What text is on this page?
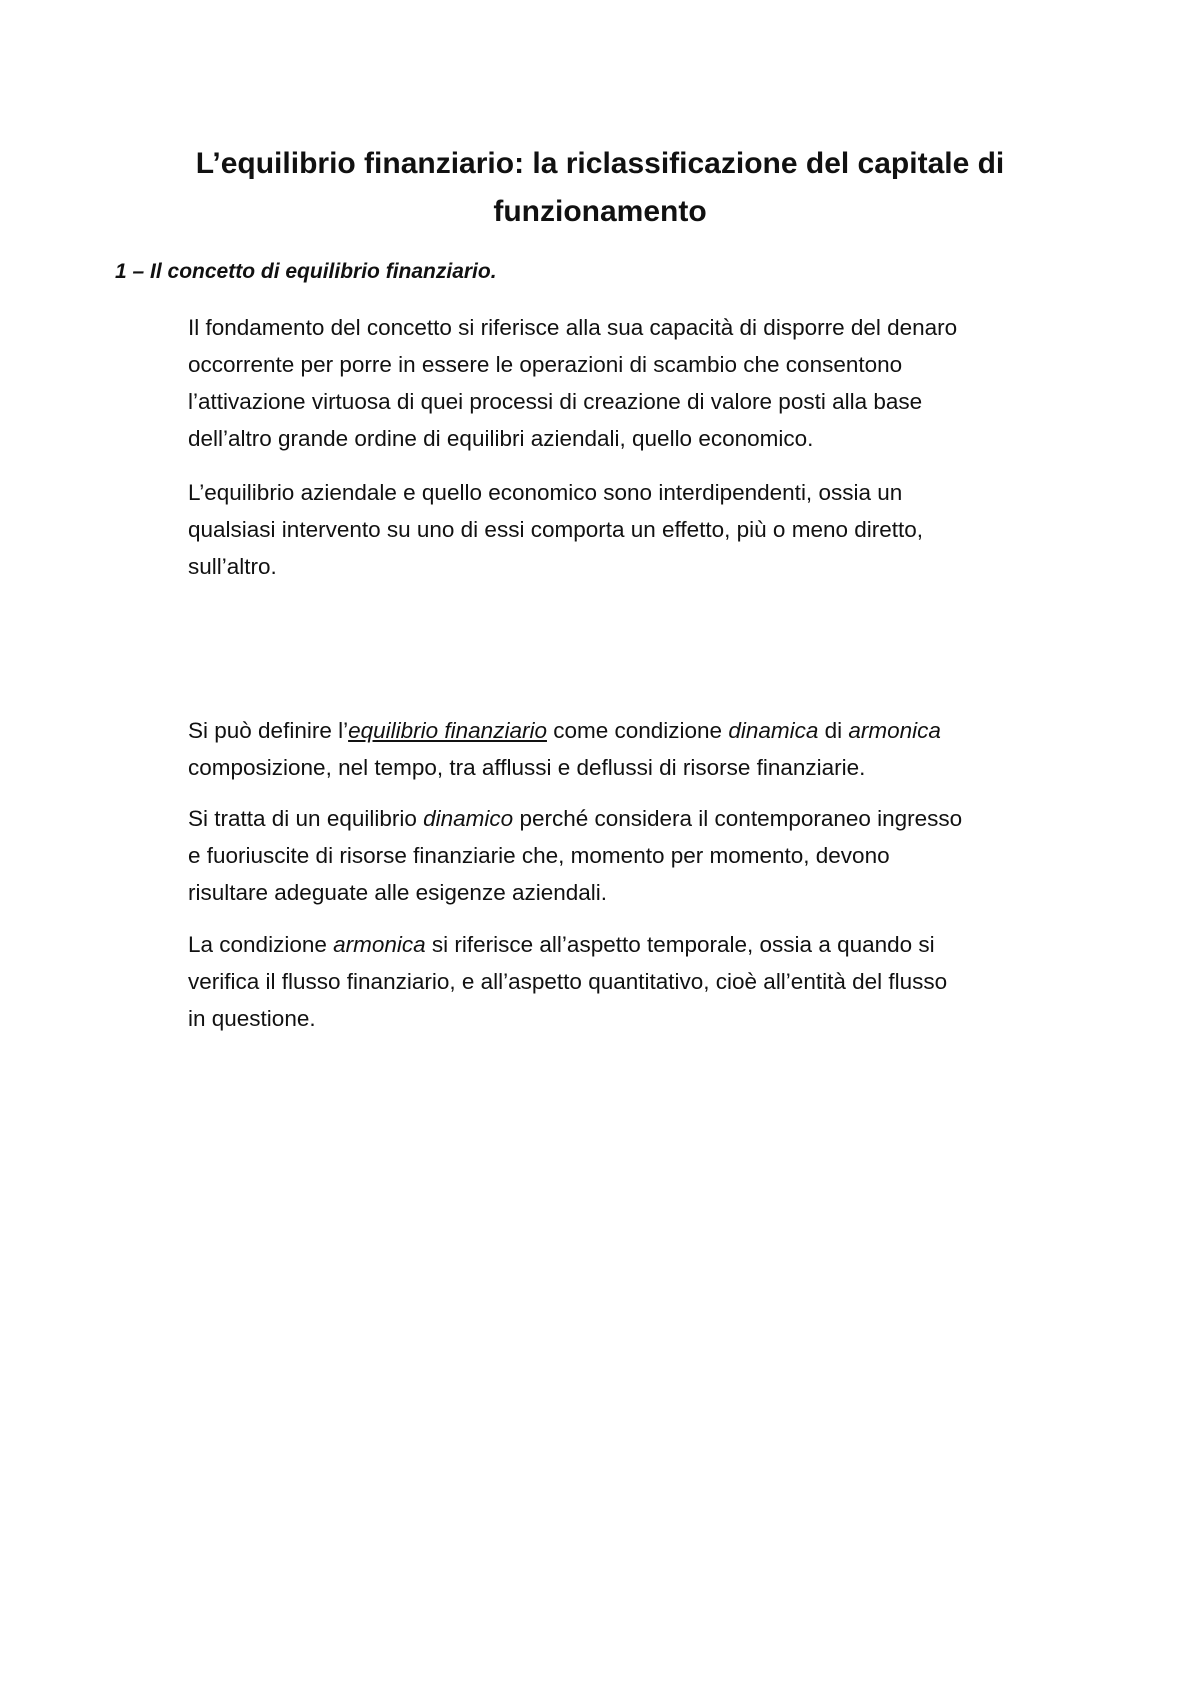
L’equilibrio finanziario: la riclassificazione del capitale di
funzionamento
1 – Il concetto di equilibrio finanziario.

Il fondamento del concetto si riferisce alla sua capacità di disporre del denaro
occorrente per porre in essere le operazioni di scambio che consentono
l’attivazione virtuosa di quei processi di creazione di valore posti alla base
dell’altro grande ordine di equilibri aziendali, quello economico.

L’equilibrio aziendale e quello economico sono interdipendenti, ossia un
qualsiasi intervento su uno di essi comporta un effetto, più o meno diretto,
sull’altro.

Si può definire l’equilibrio finanziario come condizione dinamica di armonica
composizione, nel tempo, tra afflussi e deflussi di risorse finanziarie.

Si tratta di un equilibrio dinamico perché considera il contemporaneo ingresso
e fuoriuscite di risorse finanziarie che, momento per momento, devono
risultare adeguate alle esigenze aziendali.

La condizione armonica si riferisce all’aspetto temporale, ossia a quando si
verifica il flusso finanziario, e all’aspetto quantitativo, cioè all’entità del flusso
in questione.
